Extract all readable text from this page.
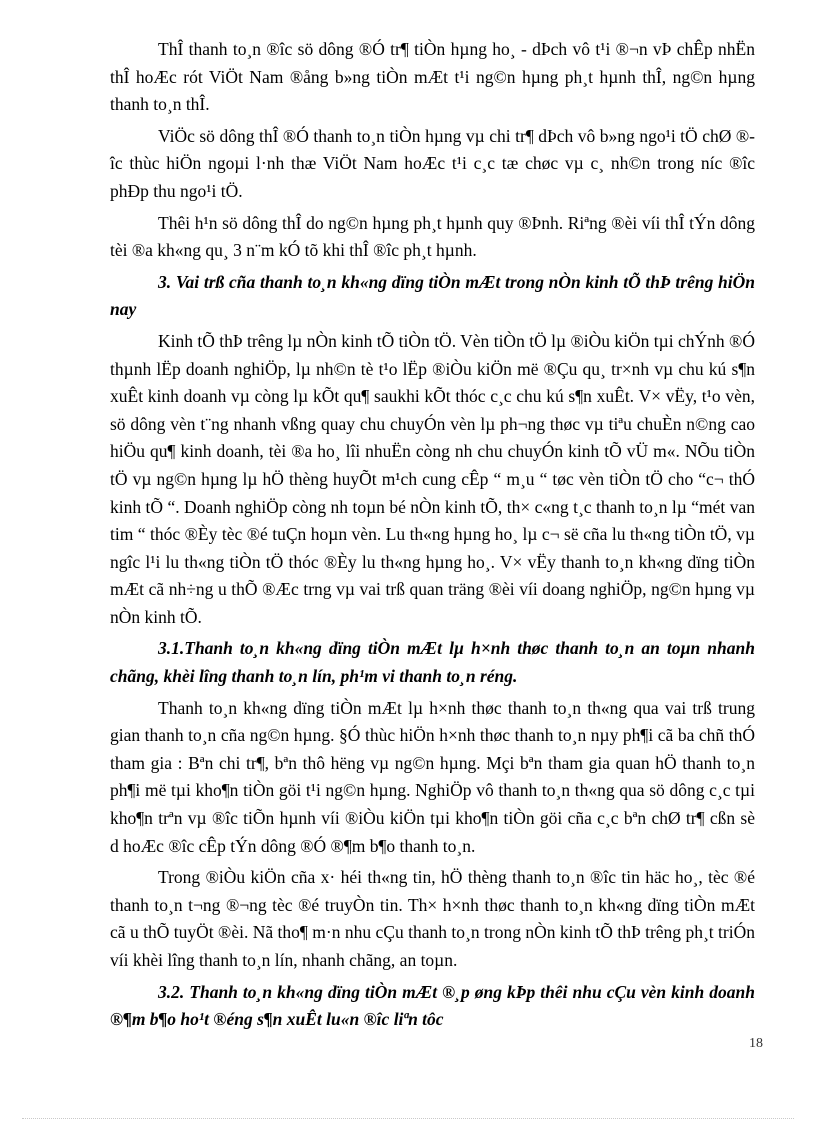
ThÎ thanh to¸n ®îc sö dông ®Ó tr¶ tiÒn hµng ho¸ - dÞch vô t¹i ®¬n vÞ chÊp nhËn thÎ hoÆc rót ViÖt Nam ®ång b»ng tiÒn mÆt t¹i ng©n hµng ph¸t hµnh thÎ, ng©n hµng thanh to¸n thÎ.

ViÖc sö dông thÎ ®Ó thanh to¸n tiÒn hµng vµ chi tr¶ dÞch vô b»ng ngo¹i tÖ chØ ®îc thùc hiÖn ngoµi l·nh thæ ViÖt Nam hoÆc t¹i c¸c tæ chøc vµ c¸ nh©n trong níc ®îc phÐp thu ngo¹i tÖ.

Thêi h¹n sö dông thÎ do ng©n hµng ph¸t hµnh quy ®Þnh. Riªng ®èi víi thÎ tÝn dông tèi ®a kh«ng qu¸ 3 n¨m kÓ tõ khi thÎ ®îc ph¸t hµnh.

3. Vai trß cña thanh to¸n kh«ng dïng tiÒn mÆt trong nÒn kinh tÕ thÞ trêng hiÖn nay

Kinh tÕ thÞ trêng lµ nÒn kinh tÕ tiÒn tÖ. Vèn tiÒn tÖ lµ ®iÒu kiÖn tµi chÝnh ®Ó thµnh lËp doanh nghiÖp, lµ nh©n tè t¹o lËp ®iÒu kiÖn më ®Çu qu¸ tr×nh vµ chu kú s¶n xuÊt kinh doanh vµ còng lµ kÕt qu¶ saukhi kÕt thóc c¸c chu kú s¶n xuÊt. V× vËy, t¹o vèn, sö dông vèn t¨ng nhanh vßng quay chu chuyÓn vèn lµ ph¬ng thøc vµ tiªu chuÈn n©ng cao hiÖu qu¶ kinh doanh, tèi ®a ho¸ lîi nhuËn còng nh chu chuyÓn kinh tÕ vÜ m«. NÕu tiÒn tÖ vµ ng©n hµng lµ hÖ thèng huyÕt m¹ch cung cÊp “ m¸u “ tøc vèn tiÒn tÖ cho “c¬ thÓ kinh tÕ “. Doanh nghiÖp còng nh toµn bé nÒn kinh tÕ, th× c«ng t¸c thanh to¸n lµ “mét van tim “ thóc ®Èy tèc ®é tuÇn hoµn vèn. Lu th«ng hµng ho¸ lµ c¬ së cña lu th«ng tiÒn tÖ, vµ ngîc l¹i lu th«ng tiÒn tÖ thóc ®Èy lu th«ng hµng ho¸. V× vËy thanh to¸n kh«ng dïng tiÒn mÆt cã nh÷ng u thÕ ®Æc trng vµ vai trß quan träng ®èi víi doang nghiÖp, ng©n hµng vµ nÒn kinh tÕ.

3.1.Thanh to¸n kh«ng dïng tiÒn mÆt lµ h×nh thøc thanh to¸n an toµn nhanh chãng, khèi lîng thanh to¸n lín, ph¹m vi thanh to¸n réng.

Thanh to¸n kh«ng dïng tiÒn mÆt lµ h×nh thøc thanh to¸n th«ng qua vai trß trung gian thanh to¸n cña ng©n hµng. §Ó thùc hiÖn h×nh thøc thanh to¸n nµy ph¶i cã ba chñ thÓ tham gia : Bªn chi tr¶, bªn thô hëng vµ ng©n hµng. Mçi bªn tham gia quan hÖ thanh to¸n ph¶i më tµi kho¶n tiÒn göi t¹i ng©n hµng. NghiÖp vô thanh to¸n th«ng qua sö dông c¸c tµi kho¶n trªn vµ ®îc tiÕn hµnh víi ®iÒu kiÖn tµi kho¶n tiÒn göi cña c¸c bªn chØ tr¶ cßn sè d hoÆc ®îc cÊp tÝn dông ®Ó ®¶m b¶o thanh to¸n.

Trong ®iÒu kiÖn cña x· héi th«ng tin, hÖ thèng thanh to¸n ®îc tin häc ho¸, tèc ®é thanh to¸n t¬ng ®¬ng tèc ®é truyÒn tin. Th× h×nh thøc thanh to¸n kh«ng dïng tiÒn mÆt cã u thÕ tuyÖt ®èi. Nã tho¶ m·n nhu cÇu thanh to¸n trong nÒn kinh tÕ thÞ trêng ph¸t triÓn víi khèi lîng thanh to¸n lín, nhanh chãng, an toµn.

3.2. Thanh to¸n kh«ng dïng tiÒn mÆt ®¸p øng kÞp thêi nhu cÇu vèn kinh doanh ®¶m b¶o ho¹t ®éng s¶n xuÊt lu«n ®îc liªn tôc

18
